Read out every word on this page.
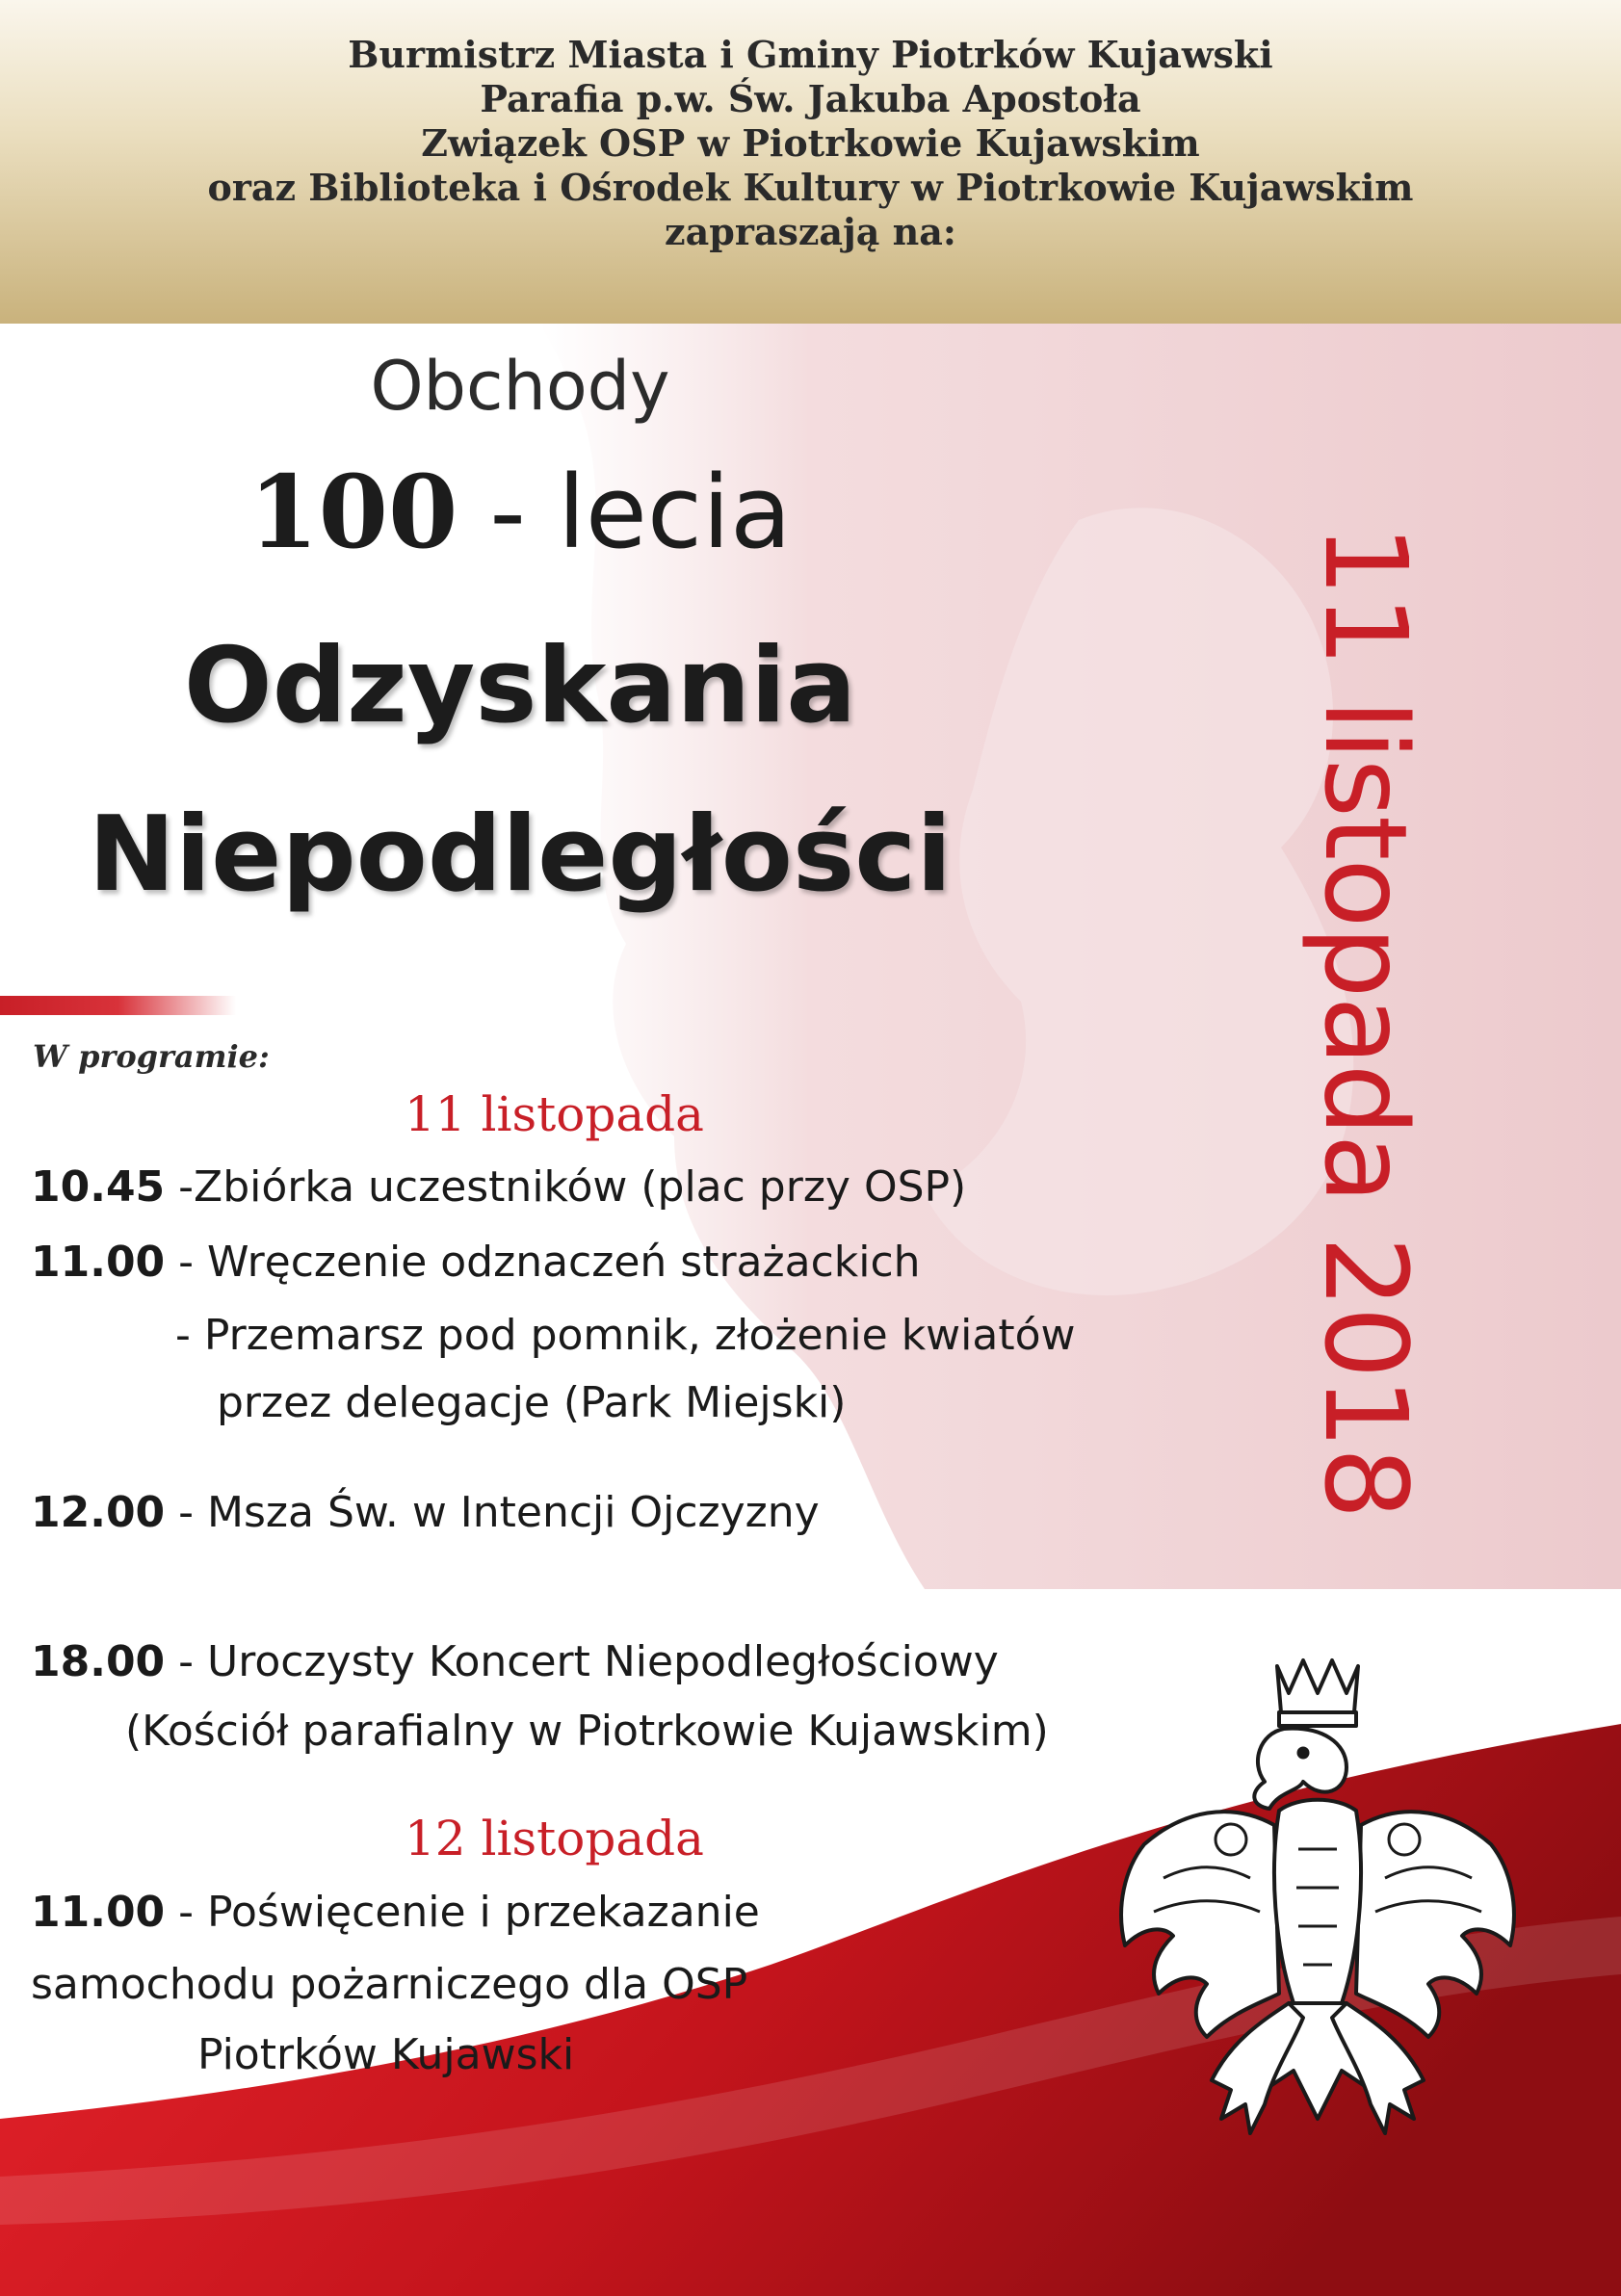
Burmistrz Miasta i Gminy Piotrków Kujawski
Parafia p.w. Św. Jakuba Apostoła
Związek OSP w Piotrkowie Kujawskim
oraz Biblioteka i Ośrodek Kultury w Piotrkowie Kujawskim
zapraszają na:
Obchody
100 - lecia
Odzyskania
Niepodległości	11 listopada 2018
W programie:
11 listopada
10.45 -Zbiórka uczestników (plac przy OSP)
11.00 - Wręczenie odznaczeń strażackich
- Przemarsz pod pomnik, złożenie kwiatów
przez delegacje (Park Miejski)
12.00 - Msza Św. w Intencji Ojczyzny
18.00 - Uroczysty Koncert Niepodległościowy
(Kościół parafialny w Piotrkowie Kujawskim)
12 listopada
11.00 - Poświęcenie i przekazanie
samochodu pożarniczego dla OSP
Piotrków Kujawski
